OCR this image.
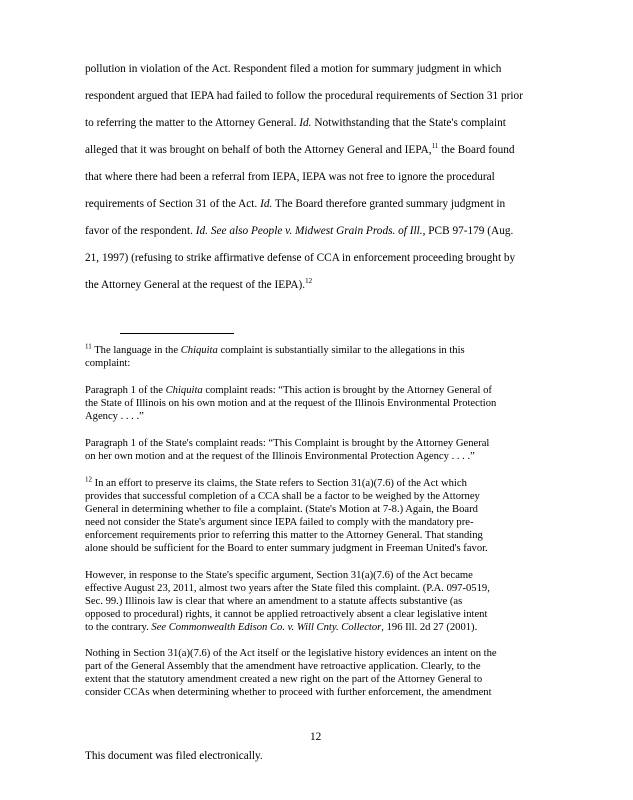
pollution in violation of the Act. Respondent filed a motion for summary judgment in which
respondent argued that IEPA had failed to follow the procedural requirements of Section 31 prior
to referring the matter to the Attorney General. Id. Notwithstanding that the State's complaint
alleged that it was brought on behalf of both the Attorney General and IEPA,$^{11}$ the Board found
that where there had been a referral from IEPA, IEPA was not free to ignore the procedural
requirements of Section 31 of the Act. Id. The Board therefore granted summary judgment in
favor of the respondent. Id. See also People v. Midwest Grain Prods. of Ill., PCB 97-179 (Aug.
21, 1997) (refusing to strike affirmative defense of CCA in enforcement proceeding brought by
the Attorney General at the request of the IEPA).$^{12}$
$^{11}$ The language in the Chiquita complaint is substantially similar to the allegations in this
complaint:
Paragraph 1 of the Chiquita complaint reads: “This action is brought by the Attorney General of
the State of Illinois on his own motion and at the request of the Illinois Environmental Protection
Agency . . . .”
Paragraph 1 of the State's complaint reads: “This Complaint is brought by the Attorney General
on her own motion and at the request of the Illinois Environmental Protection Agency . . . .”
$^{12}$ In an effort to preserve its claims, the State refers to Section 31(a)(7.6) of the Act which
provides that successful completion of a CCA shall be a factor to be weighed by the Attorney
General in determining whether to file a complaint. (State's Motion at 7-8.) Again, the Board
need not consider the State's argument since IEPA failed to comply with the mandatory pre-
enforcement requirements prior to referring this matter to the Attorney General. That standing
alone should be sufficient for the Board to enter summary judgment in Freeman United's favor.
However, in response to the State's specific argument, Section 31(a)(7.6) of the Act became
effective August 23, 2011, almost two years after the State filed this complaint. (P.A. 097-0519,
Sec. 99.) Illinois law is clear that where an amendment to a statute affects substantive (as
opposed to procedural) rights, it cannot be applied retroactively absent a clear legislative intent
to the contrary. See Commonwealth Edison Co. v. Will Cnty. Collector, 196 Ill. 2d 27 (2001).
Nothing in Section 31(a)(7.6) of the Act itself or the legislative history evidences an intent on the
part of the General Assembly that the amendment have retroactive application. Clearly, to the
extent that the statutory amendment created a new right on the part of the Attorney General to
consider CCAs when determining whether to proceed with further enforcement, the amendment
12
This document was filed electronically.
